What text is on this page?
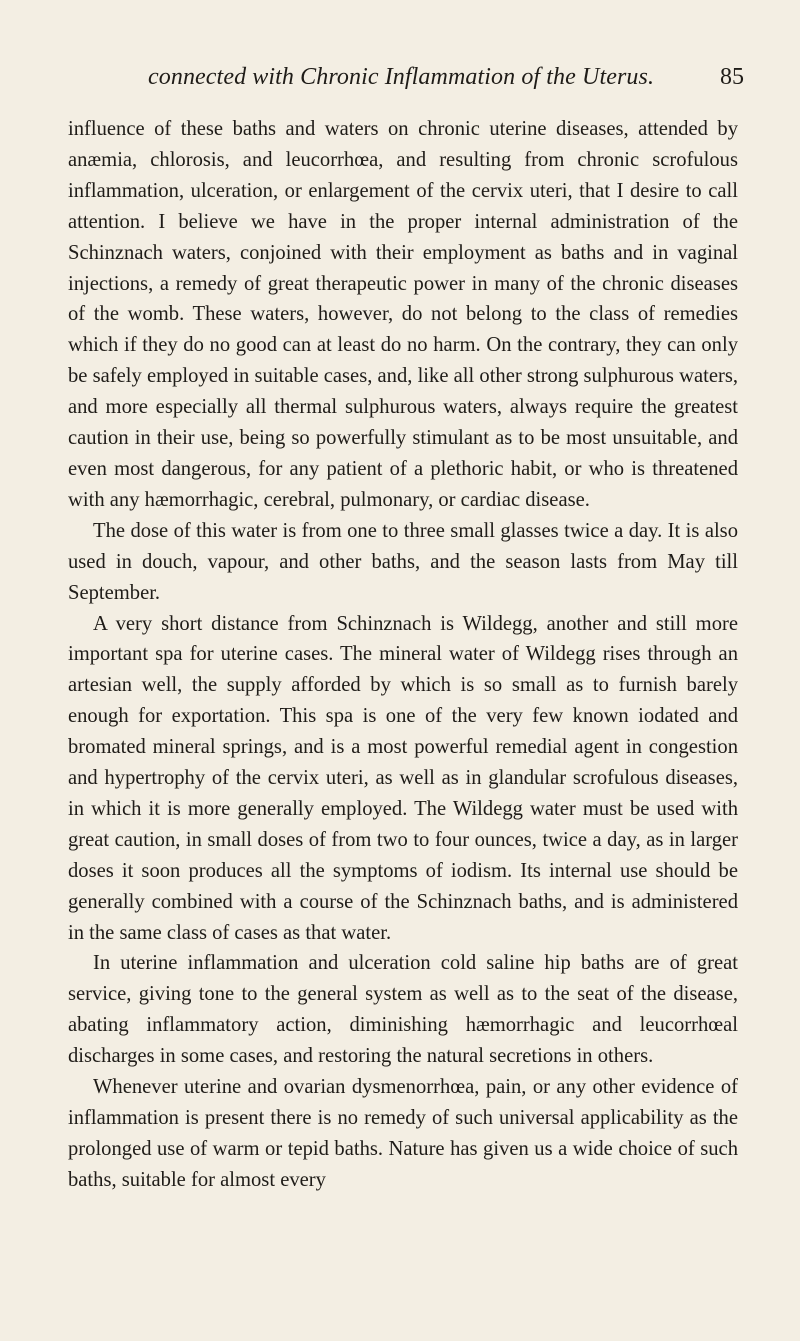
connected with Chronic Inflammation of the Uterus.	85

influence of these baths and waters on chronic uterine diseases, attended by anæmia, chlorosis, and leucorrhœa, and resulting from chronic scrofulous inflammation, ulceration, or enlargement of the cervix uteri, that I desire to call attention. I believe we have in the proper internal administration of the Schinznach waters, conjoined with their employment as baths and in vaginal injections, a remedy of great therapeutic power in many of the chronic diseases of the womb. These waters, however, do not belong to the class of remedies which if they do no good can at least do no harm. On the contrary, they can only be safely employed in suitable cases, and, like all other strong sulphurous waters, and more especially all thermal sulphurous waters, always require the greatest caution in their use, being so powerfully stimulant as to be most unsuitable, and even most dangerous, for any patient of a plethoric habit, or who is threatened with any hæmorrhagic, cerebral, pulmonary, or cardiac disease.

The dose of this water is from one to three small glasses twice a day. It is also used in douch, vapour, and other baths, and the season lasts from May till September.

A very short distance from Schinznach is Wildegg, another and still more important spa for uterine cases. The mineral water of Wildegg rises through an artesian well, the supply afforded by which is so small as to furnish barely enough for exportation. This spa is one of the very few known iodated and bromated mineral springs, and is a most powerful remedial agent in congestion and hypertrophy of the cervix uteri, as well as in glandular scrofulous diseases, in which it is more generally employed. The Wildegg water must be used with great caution, in small doses of from two to four ounces, twice a day, as in larger doses it soon produces all the symptoms of iodism. Its internal use should be generally combined with a course of the Schinznach baths, and is administered in the same class of cases as that water.

In uterine inflammation and ulceration cold saline hip baths are of great service, giving tone to the general system as well as to the seat of the disease, abating inflammatory action, diminishing hæmorrhagic and leucorrhœal discharges in some cases, and restoring the natural secretions in others.

Whenever uterine and ovarian dysmenorrhœa, pain, or any other evidence of inflammation is present there is no remedy of such universal applicability as the prolonged use of warm or tepid baths. Nature has given us a wide choice of such baths, suitable for almost every
